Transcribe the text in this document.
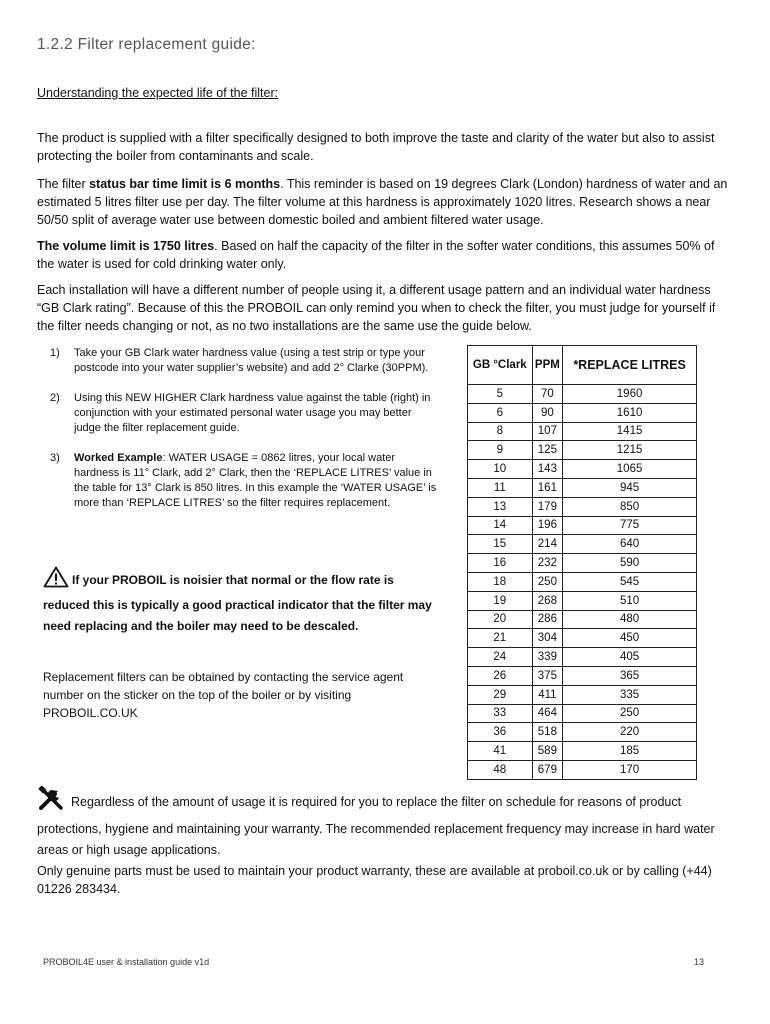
1.2.2 Filter replacement guide:
Understanding the expected life of the filter:
The product is supplied with a filter specifically designed to both improve the taste and clarity of the water but also to assist protecting the boiler from contaminants and scale.
The filter status bar time limit is 6 months. This reminder is based on 19 degrees Clark (London) hardness of water and an estimated 5 litres filter use per day. The filter volume at this hardness is approximately 1020 litres. Research shows a near 50/50 split of average water use between domestic boiled and ambient filtered water usage.
The volume limit is 1750 litres. Based on half the capacity of the filter in the softer water conditions, this assumes 50% of the water is used for cold drinking water only.
Each installation will have a different number of people using it, a different usage pattern and an individual water hardness “GB Clark rating”. Because of this the PROBOIL can only remind you when to check the filter, you must judge for yourself if the filter needs changing or not, as no two installations are the same use the guide below.
1)	Take your GB Clark water hardness value (using a test strip or type your postcode into your water supplier’s website) and add 2° Clarke (30PPM).
2)	Using this NEW HIGHER Clark hardness value against the table (right) in conjunction with your estimated personal water usage you may better judge the filter replacement guide.
3)	Worked Example: WATER USAGE = 0862 litres, your local water hardness is 11° Clark, add 2° Clark, then the ‘REPLACE LITRES’ value in the table for 13° Clark is 850 litres. In this example the ‘WATER USAGE’ is more than ‘REPLACE LITRES’ so the filter requires replacement.
If your PROBOIL is noisier that normal or the flow rate is reduced this is typically a good practical indicator that the filter may need replacing and the boiler may need to be descaled.
Replacement filters can be obtained by contacting the service agent number on the sticker on the top of the boiler or by visiting PROBOIL.CO.UK
GB °Clark	PPM	*REPLACE LITRES
5	70	1960
6	90	1610
8	107	1415
9	125	1215
10	143	1065
11	161	945
13	179	850
14	196	775
15	214	640
16	232	590
18	250	545
19	268	510
20	286	480
21	304	450
24	339	405
26	375	365
29	411	335
33	464	250
36	518	220
41	589	185
48	679	170
Regardless of the amount of usage it is required for you to replace the filter on schedule for reasons of product protections, hygiene and maintaining your warranty. The recommended replacement frequency may increase in hard water areas or high usage applications.
Only genuine parts must be used to maintain your product warranty, these are available at proboil.co.uk or by calling (+44) 01226 283434.
PROBOIL4E user & installation guide v1d	13
